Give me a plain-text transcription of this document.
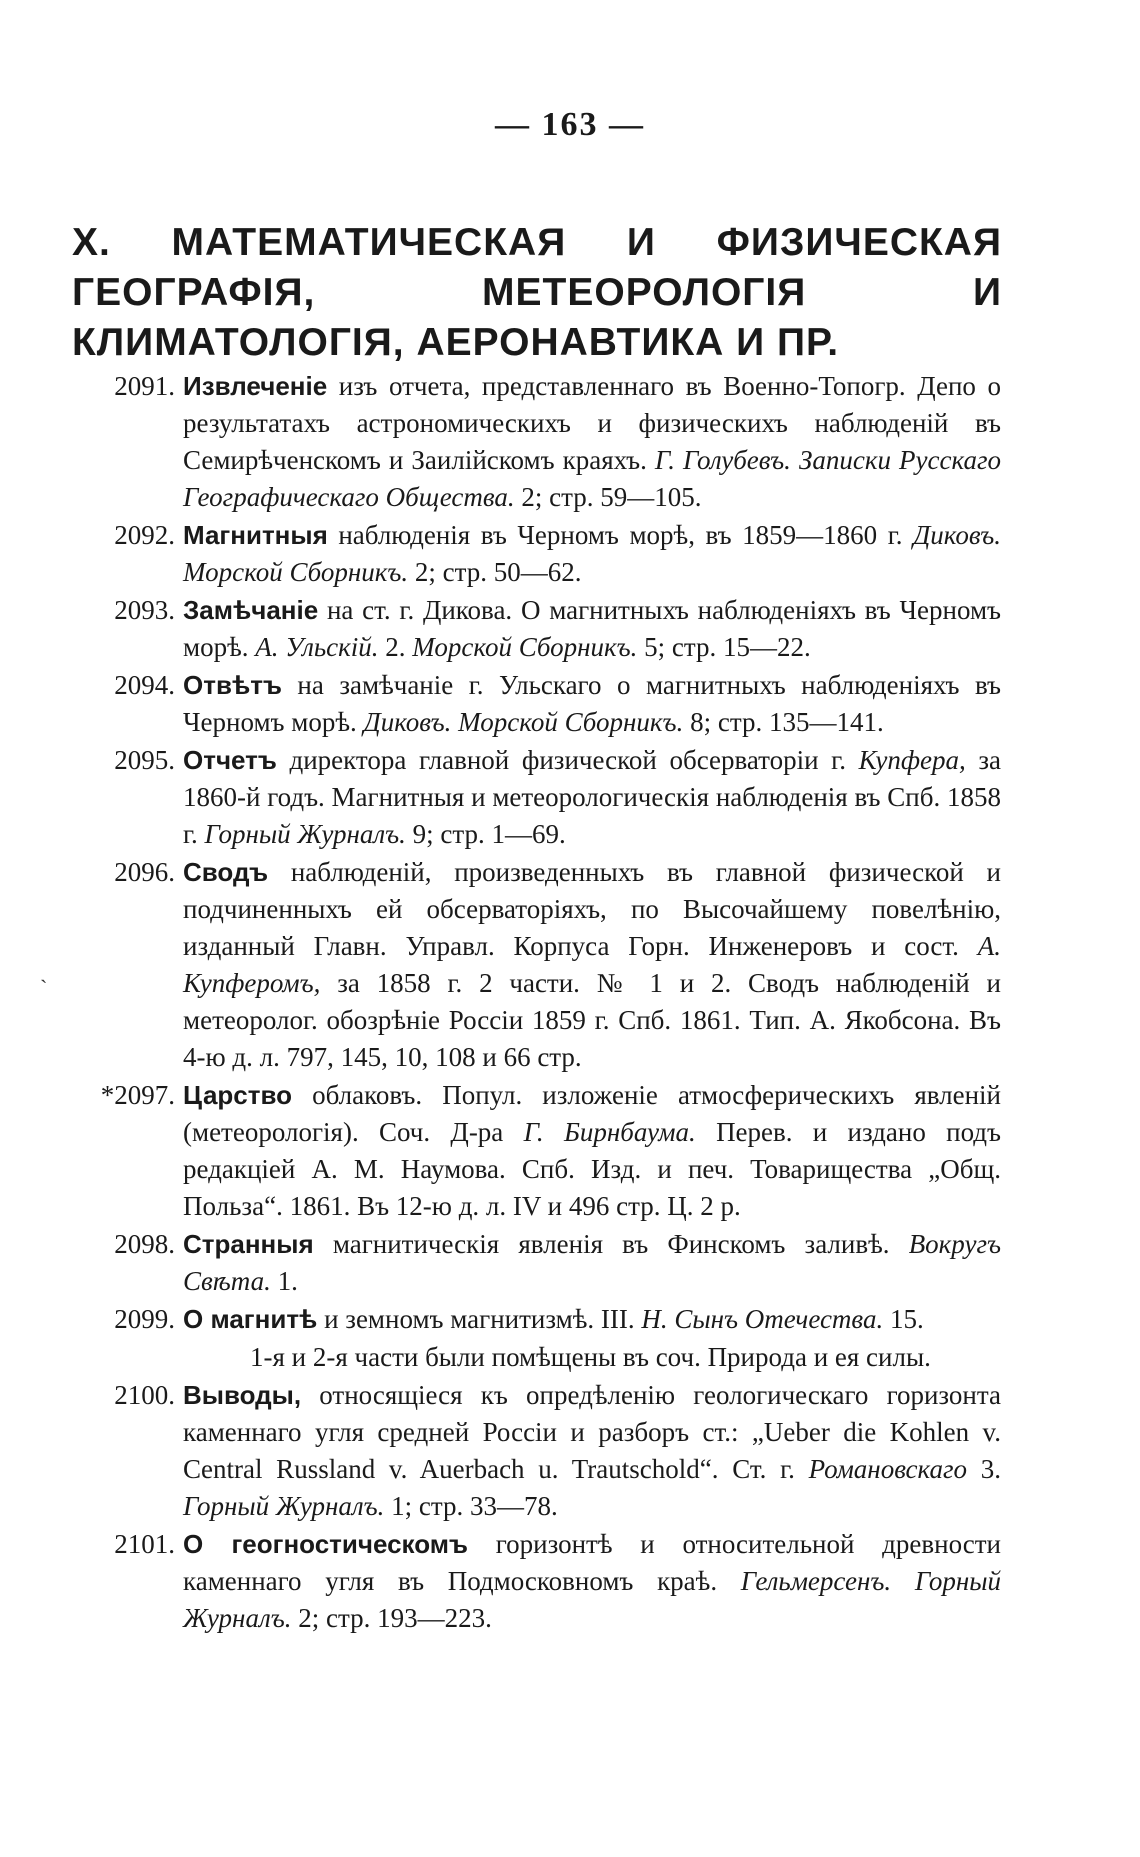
— 163 —
X. МАТЕМАТИЧЕСКАЯ И ФИЗИЧЕСКАЯ ГЕОГРАФІЯ, МЕТЕОРОЛОГІЯ И КЛИМАТОЛОГІЯ, АЕРОНАВТИКА И ПР.
2091. Извлеченіе изъ отчета, представленнаго въ Военно-Топогр. Депо о результатахъ астрономическихъ и физическихъ наблюденій въ Семирѣченскомъ и Заилійскомъ краяхъ. Г. Голубевъ. Записки Русскаго Географическаго Общества. 2; стр. 59—105.
2092. Магнитныя наблюденія въ Черномъ морѣ, въ 1859—1860 г. Диковъ. Морской Сборникъ. 2; стр. 50—62.
2093. Замѣчаніе на ст. г. Дикова. О магнитныхъ наблюденіяхъ въ Черномъ морѣ. А. Ульскій. 2. Морской Сборникъ. 5; стр. 15—22.
2094. Отвѣтъ на замѣчаніе г. Ульскаго о магнитныхъ наблюденіяхъ въ Черномъ морѣ. Диковъ. Морской Сборникъ. 8; стр. 135—141.
2095. Отчетъ директора главной физической обсерваторіи г. Купфера, за 1860-й годъ. Магнитныя и метеорологическія наблюденія въ Спб. 1858 г. Горный Журналъ. 9; стр. 1—69.
2096. Сводъ наблюденій, произведенныхъ въ главной физической и подчиненныхъ ей обсерваторіяхъ, по Высочайшему повелѣнію, изданный Главн. Управл. Корпуса Горн. Инженеровъ и сост. А. Купферомъ, за 1858 г. 2 части. № 1 и 2. Сводъ наблюденій и метеоролог. обозрѣніе Россіи 1859 г. Спб. 1861. Тип. А. Якобсона. Въ 4-ю д. л. 797, 145, 10, 108 и 66 стр.
*2097. Царство облаковъ. Попул. изложеніе атмосферическихъ явленій (метеорологія). Соч. Д-ра Г. Бирнбаума. Перев. и издано подъ редакціей А. М. Наумова. Спб. Изд. и печ. Товарищества „Общ. Польза“. 1861. Въ 12-ю д. л. IV и 496 стр. Ц. 2 р.
2098. Странныя магнитическія явленія въ Финскомъ заливѣ. Вокругъ Свѣта. 1.
2099. О магнитѣ и земномъ магнитизмѣ. III. Н. Сынъ Отечества. 15.
1-я и 2-я части были помѣщены въ соч. Природа и ея силы.
2100. Выводы, относящіеся къ опредѣленію геологическаго горизонта каменнаго угля средней Россіи и разборъ ст.: „Ueber die Kohlen v. Central Russland v. Auerbach u. Trautschold“. Ст. г. Романовскаго 3. Горный Журналъ. 1; стр. 33—78.
2101. О геогностическомъ горизонтѣ и относительной древности каменнаго угля въ Подмосковномъ краѣ. Гельмерсенъ. Горный Журналъ. 2; стр. 193—223.
ˎ
